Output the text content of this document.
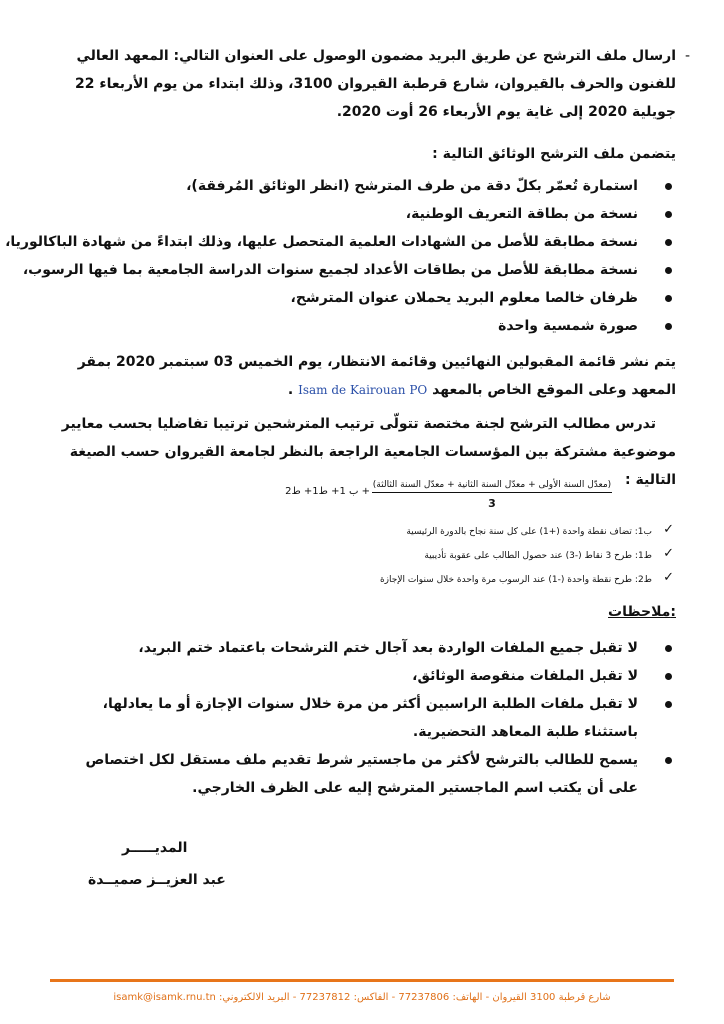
-
ارسال ملف الترشح عن طريق البريد مضمون الوصول على العنوان التالي: المعهد العالي للفنون والحرف بالقيروان، شارع قرطبة القيروان 3100، وذلك ابتداء من يوم الأربعاء 22 جويلية 2020 إلى غاية يوم الأربعاء 26 أوت 2020.

يتضمن ملف الترشح الوثائق التالية :

استمارة تُعمّر بكلّ دقة من طرف المترشح (انظر الوثائق المُرفقة)،
نسخة من بطاقة التعريف الوطنية،
نسخة مطابقة للأصل من الشهادات العلمية المتحصل عليها، وذلك ابتداءً من شهادة الباكالوريا،
نسخة مطابقة للأصل من بطاقات الأعداد لجميع سنوات الدراسة الجامعية بما فيها الرسوب،
ظرفان خالصا معلوم البريد يحملان عنوان المترشح،
صورة شمسية واحدة

يتم نشر قائمة المقبولين النهائيين وقائمة الانتظار، يوم الخميس 03 سبتمبر 2020 بمقر المعهد وعلى الموقع الخاص بالمعهد Isam de Kairouan PO .

تدرس مطالب الترشح لجنة مختصة تتولّى ترتيب المترشحين ترتيبا تفاضليا بحسب معايير موضوعية مشتركة بين المؤسسات الجامعية الراجعة بالنظر لجامعة القيروان حسب الصيغة التالية :

(معدّل السنة الأولى + معدّل السنة الثانية + معدّل السنة الثالثة)
3
+ ب 1+ ط1+ ط2
✓
ب1: تضاف نقطة واحدة (+1) على كل سنة نجاح بالدورة الرئيسية
✓
ط1: طرح 3 نقاط (-3) عند حصول الطالب على عقوبة تأديبية
✓
ط2: طرح نقطة واحدة (-1) عند الرسوب مرة واحدة خلال سنوات الإجازة
ملاحظات:
لا تقبل جميع الملفات الواردة بعد آجال ختم الترشحات باعتماد ختم البريد،
لا تقبل الملفات منقوصة الوثائق،
لا تقبل ملفات الطلبة الراسبين أكثر من مرة خلال سنوات الإجازة أو ما يعادلها، باستثناء طلبة المعاهد التحضيرية.
يسمح للطالب بالترشح لأكثر من ماجستير شرط تقديم ملف مستقل لكل اختصاص على أن يكتب اسم الماجستير المترشح إليه على الظرف الخارجي.
المديـــــر
عبد العزيــز صميــدة
شارع قرطبة 3100 القيروان - الهاتف: 77237806 - الفاكس: 77237812 - البريد الالكتروني: isamk@isamk.rnu.tn
